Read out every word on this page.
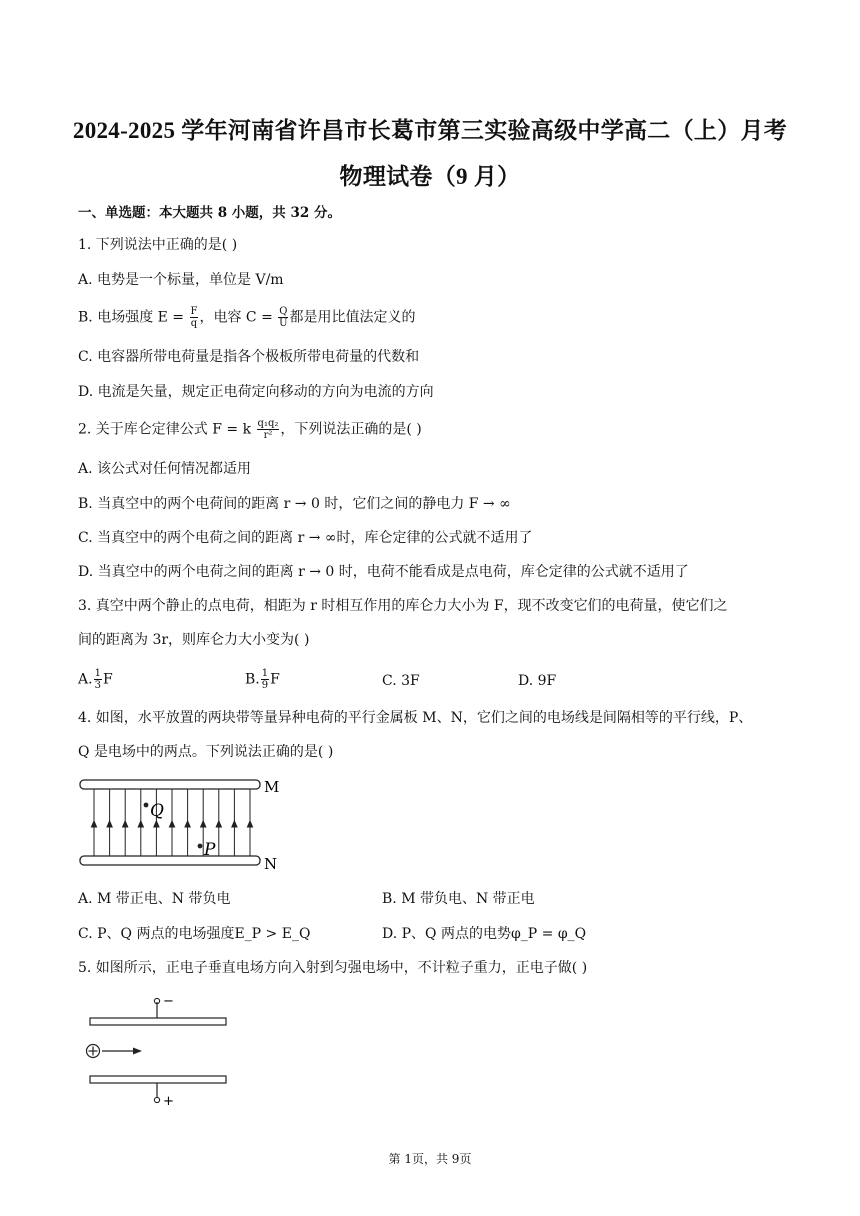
2024-2025 学年河南省许昌市长葛市第三实验高级中学高二（上）月考
物理试卷（9 月）
一、单选题：本大题共 8 小题，共 32 分。
1. 下列说法中正确的是( )
A. 电势是一个标量，单位是 V/m
B. 电场强度 $E = \frac{F}{q}$ ，电容 $C = \frac{Q}{U}$ 都是用比值法定义的
C. 电容器所带电荷量是指各个极板所带电荷量的代数和
D. 电流是矢量，规定正电荷定向移动的方向为电流的方向
2. 关于库仑定律公式 F = k $\frac{\text{q₁q₂}}{\text{r²}}$ ，下列说法正确的是( )
A. 该公式对任何情况都适用
B. 当真空中的两个电荷间的距离 r → 0 时，它们之间的静电力 F → ∞
C. 当真空中的两个电荷之间的距离 r → ∞时，库仑定律的公式就不适用了
D. 当真空中的两个电荷之间的距离 r → 0 时，电荷不能看成是点电荷，库仑定律的公式就不适用了
3. 真空中两个静止的点电荷，相距为 r 时相互作用的库仑力大小为 F，现不改变它们的电荷量，使它们之
间的距离为 3r，则库仑力大小变为( )
A. $\frac{1}{3}$ F	B. $\frac{1}{9}$ F	C. 3F	D. 9F
4. 如图，水平放置的两块带等量异种电荷的平行金属板 M、N，它们之间的电场线是间隔相等的平行线，P、
Q 是电场中的两点。下列说法正确的是( )
Q
P
M
N
A. M 带正电、N 带负电	B. M 带负电、N 带正电
C. P、Q 两点的电场强度E_P > E_Q	D. P、Q 两点的电势φ_P = φ_Q
5. 如图所示，正电子垂直电场方向入射到匀强电场中，不计粒子重力，正电子做( )
−
+
第 1页，共 9页
